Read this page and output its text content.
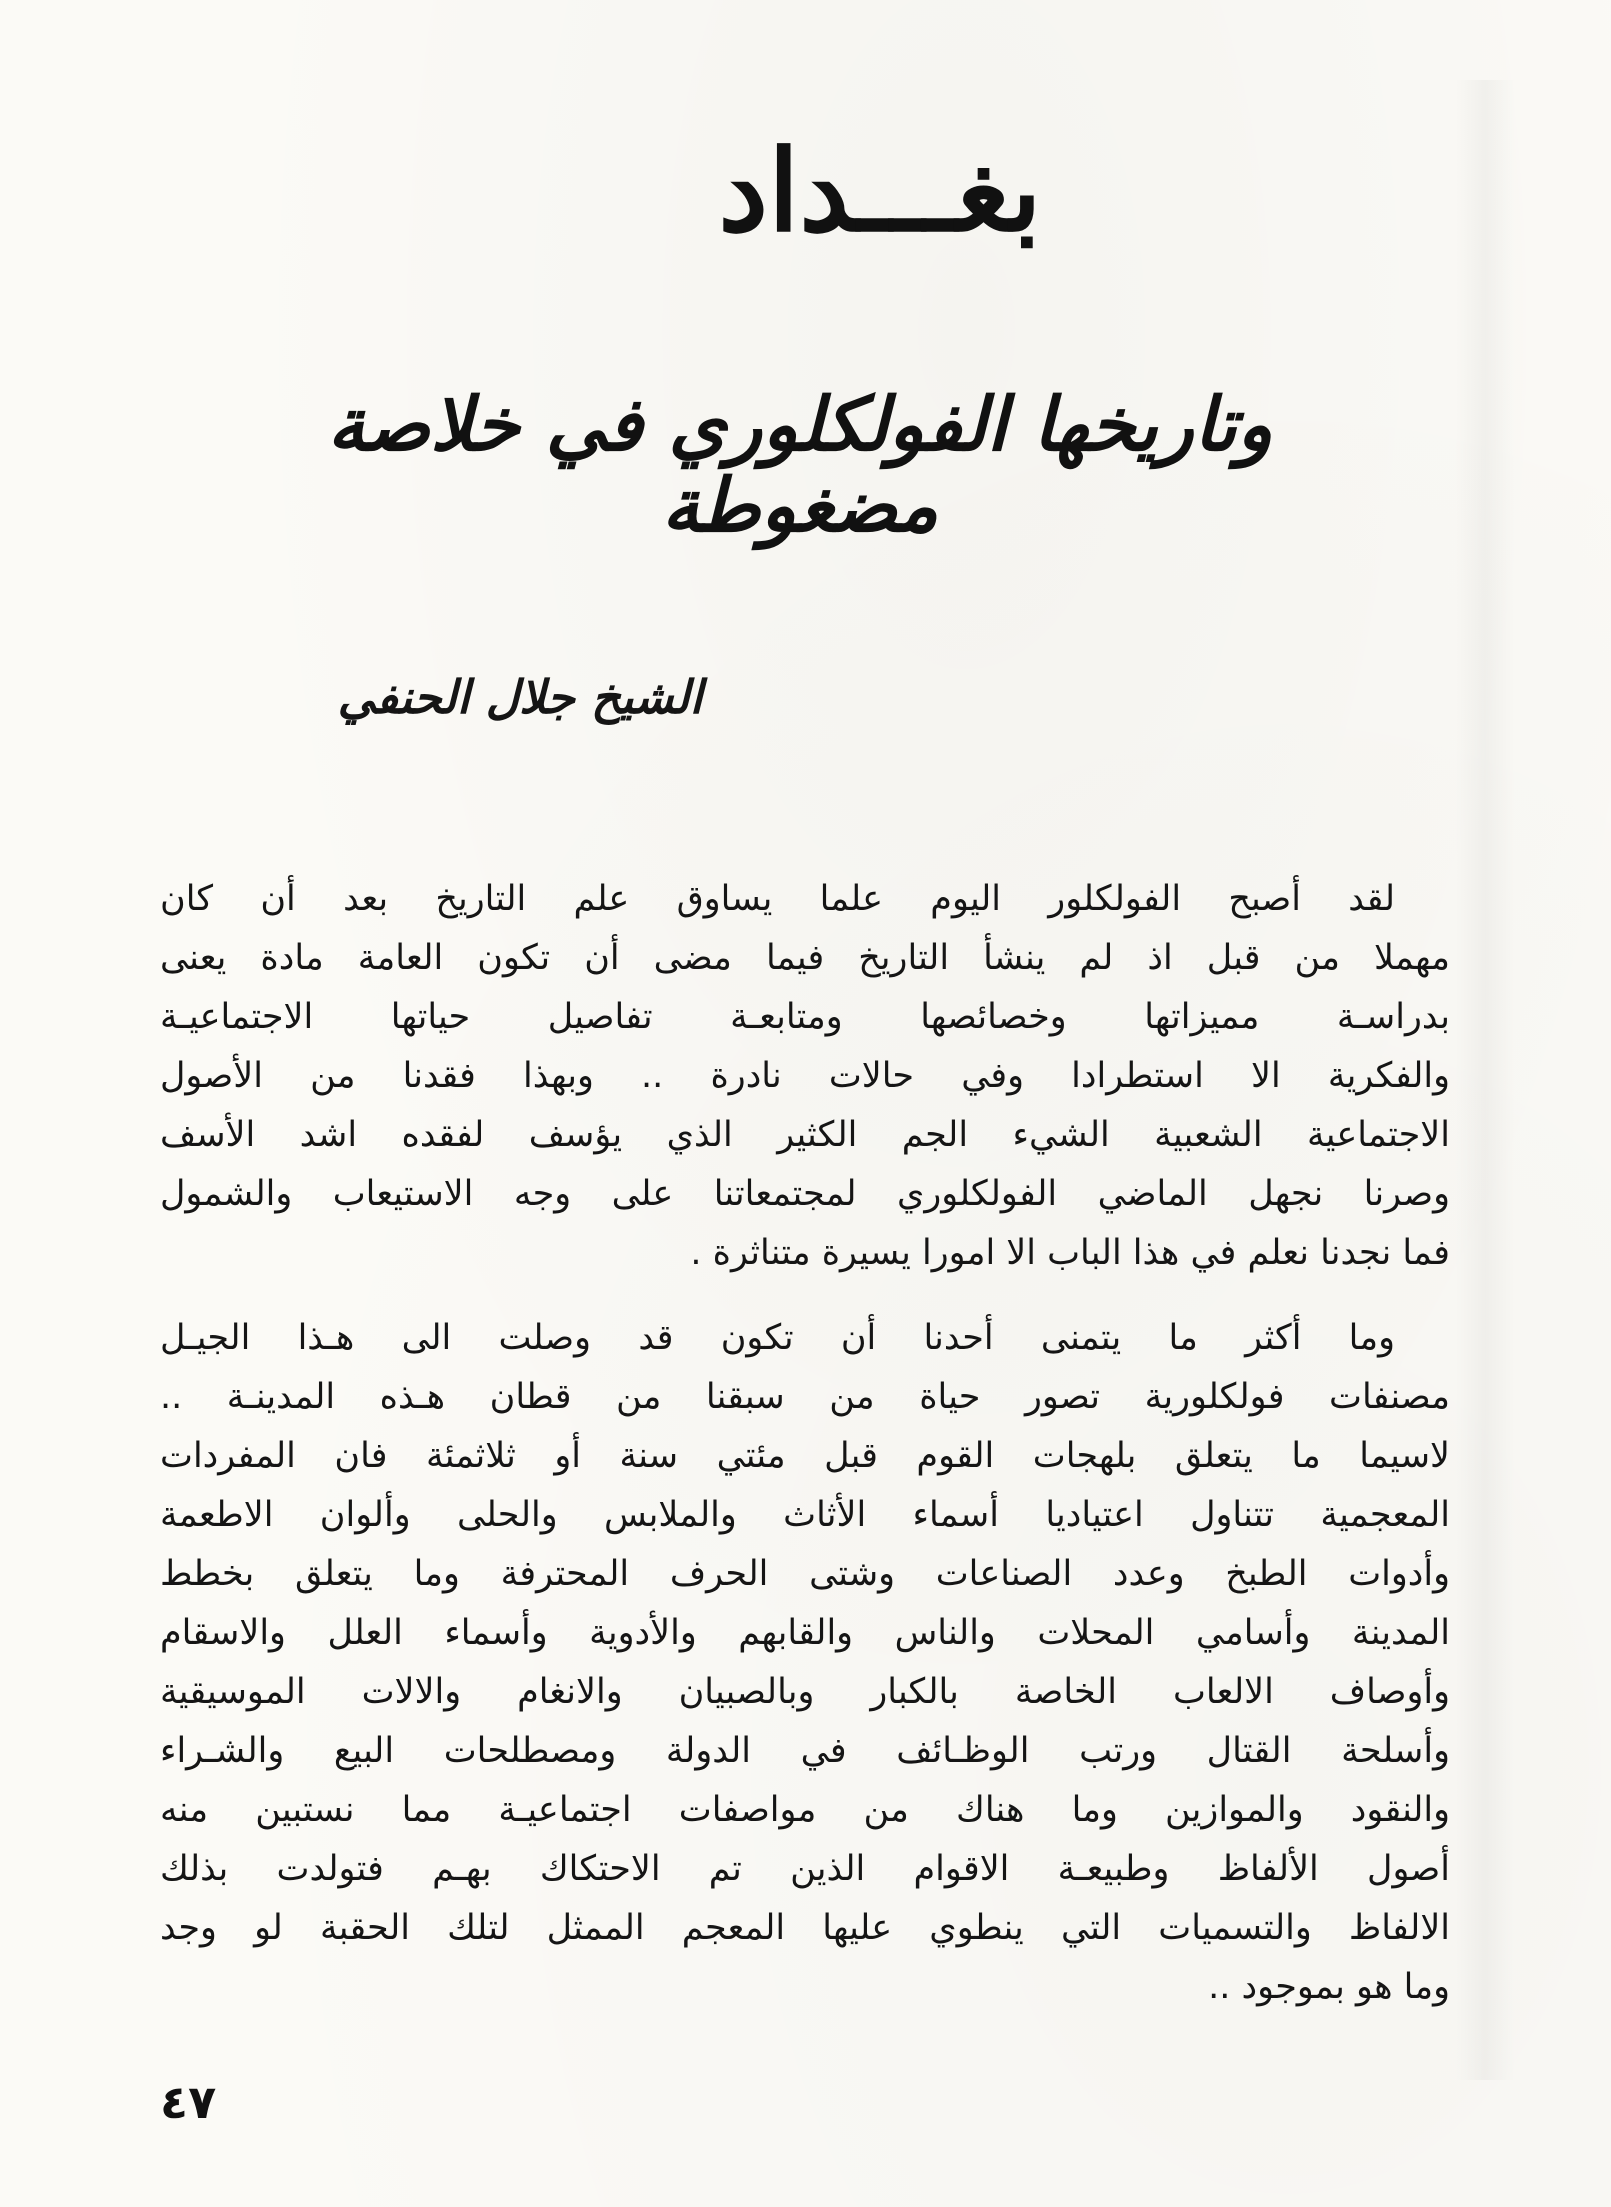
بغـــداد
وتاريخها الفولكلوري في خلاصة مضغوطة
الشيخ جلال الحنفي

لقد أصبح الفولكلور اليوم علما يساوق علم التاريخ بعد أن كان
مهملا من قبل اذ لم ينشأ التاريخ فيما مضى أن تكون العامة مادة يعنى
بدراسـة مميزاتها وخصائصها ومتابعـة تفاصيل حياتها الاجتماعيـة
والفكرية الا استطرادا وفي حالات نادرة .. وبهذا فقدنا من الأصول
الاجتماعية الشعبية الشيء الجم الكثير الذي يؤسف لفقده اشد الأسف
وصرنا نجهل الماضي الفولكلوري لمجتمعاتنا على وجه الاستيعاب والشمول
فما نجدنا نعلم في هذا الباب الا امورا يسيرة متناثرة .

وما أكثر ما يتمنى أحدنا أن تكون قد وصلت الى هـذا الجيـل
مصنفات فولكلورية تصور حياة من سبقنا من قطان هـذه المدينـة ..
لاسيما ما يتعلق بلهجات القوم قبل مئتي سنة أو ثلاثمئة فان المفردات
المعجمية تتناول اعتياديا أسماء الأثاث والملابس والحلى وألوان الاطعمة
وأدوات الطبخ وعدد الصناعات وشتى الحرف المحترفة وما يتعلق بخطط
المدينة وأسامي المحلات والناس والقابهم والأدوية وأسماء العلل والاسقام
وأوصاف الالعاب الخاصة بالكبار وبالصبيان والانغام والالات الموسيقية
وأسلحة القتال ورتب الوظـائف في الدولة ومصطلحات البيع والشـراء
والنقود والموازين وما هناك من مواصفات اجتماعيـة مما نستبين منه
أصول الألفاظ وطبيعـة الاقوام الذين تم الاحتكاك بهـم فتولدت بذلك
الالفاظ والتسميات التي ينطوي عليها المعجم الممثل لتلك الحقبة لو وجد
وما هو بموجود ..

٤٧
